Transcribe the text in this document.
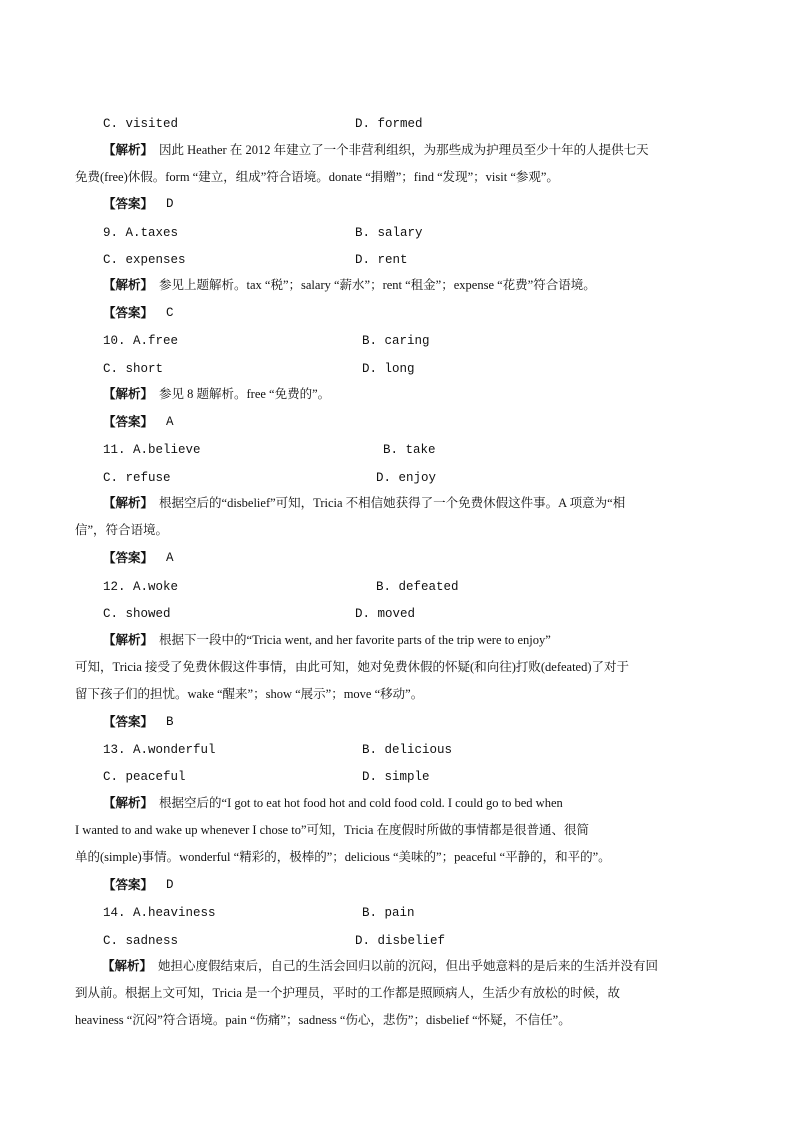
C. visited	D. formed
【解析】 因此 Heather 在 2012 年建立了一个非营利组织，为那些成为护理员至少十年的人提供七天
免费(free)休假。form “建立，组成”符合语境。donate “捐赠”；find “发现”；visit “参观”。
【答案】 D
9. A.taxes	B. salary
C. expenses	D. rent
【解析】 参见上题解析。tax “税”；salary “薪水”；rent “租金”；expense “花费”符合语境。
【答案】 C
10. A.free	B. caring
C. short	D. long
【解析】 参见 8 题解析。free “免费的”。
【答案】 A
11. A.believe	B. take
C. refuse	D. enjoy
【解析】 根据空后的“disbelief”可知，Tricia 不相信她获得了一个免费休假这件事。A 项意为“相
信”，符合语境。
【答案】 A
12. A.woke	B. defeated
C. showed	D. moved
【解析】 根据下一段中的“Tricia went, and her favorite parts of the trip were to enjoy”
可知，Tricia 接受了免费休假这件事情，由此可知，她对免费休假的怀疑(和向往)打败(defeated)了对于
留下孩子们的担忧。wake “醒来”；show “展示”；move “移动”。
【答案】 B
13. A.wonderful	B. delicious
C. peaceful	D. simple
【解析】 根据空后的“I got to eat hot food hot and cold food cold. I could go to bed when
I wanted to and wake up whenever I chose to”可知，Tricia 在度假时所做的事情都是很普通、很简
单的(simple)事情。wonderful “精彩的，极棒的”；delicious “美味的”；peaceful “平静的，和平的”。
【答案】 D
14. A.heaviness	B. pain
C. sadness	D. disbelief
【解析】 她担心度假结束后，自己的生活会回归以前的沉闷，但出乎她意料的是后来的生活并没有回
到从前。根据上文可知，Tricia 是一个护理员，平时的工作都是照顾病人，生活少有放松的时候，故
heaviness “沉闷”符合语境。pain “伤痛”；sadness “伤心，悲伤”；disbelief “怀疑，不信任”。
